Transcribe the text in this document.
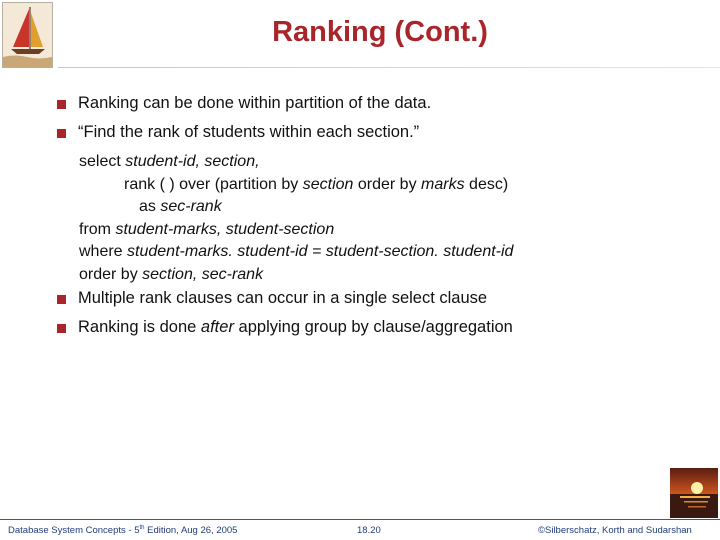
Ranking (Cont.)
Ranking can be done within partition of the data.
“Find the rank of students within each section.”
select student-id, section,
rank ( ) over (partition by section order by marks desc)
as sec-rank
from student-marks, student-section
where student-marks. student-id = student-section. student-id
order by section, sec-rank
Multiple rank clauses can occur in a single select clause
Ranking is done after applying group by clause/aggregation
Database System Concepts - 5th Edition, Aug 26, 2005	18.20	©Silberschatz, Korth and Sudarshan
